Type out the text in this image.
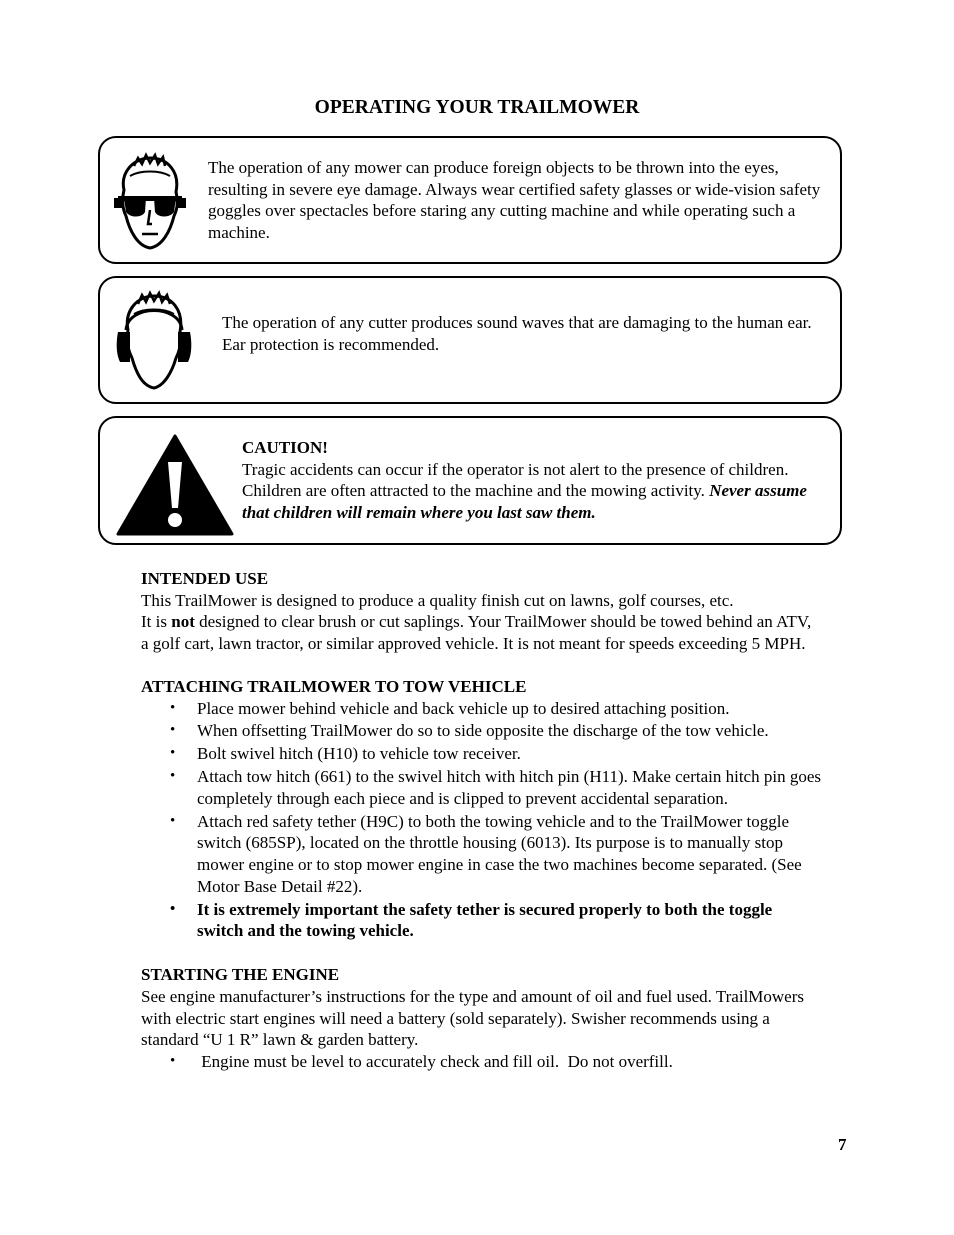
OPERATING YOUR TRAILMOWER
The operation of any mower can produce foreign objects to be thrown into the eyes, resulting in severe eye damage. Always wear certified safety glasses or wide-vision safety goggles over spectacles before staring any cutting machine and while operating such a machine.
The operation of any cutter produces sound waves that are damaging to the human ear. Ear protection is recommended.
CAUTION!
Tragic accidents can occur if the operator is not alert to the presence of children. Children are often attracted to the machine and the mowing activity. Never assume that children will remain where you last saw them.
INTENDED USE

This TrailMower is designed to produce a quality finish cut on lawns, golf courses, etc.

It is not designed to clear brush or cut saplings. Your TrailMower should be towed behind an ATV, a golf cart, lawn tractor, or similar approved vehicle. It is not meant for speeds exceeding 5 MPH.

ATTACHING TRAILMOWER TO TOW VEHICLE
• Place mower behind vehicle and back vehicle up to desired attaching position.
• When offsetting TrailMower do so to side opposite the discharge of the tow vehicle.
• Bolt swivel hitch (H10) to vehicle tow receiver.
• Attach tow hitch (661) to the swivel hitch with hitch pin (H11). Make certain hitch pin goes completely through each piece and is clipped to prevent accidental separation.
• Attach red safety tether (H9C) to both the towing vehicle and to the TrailMower toggle switch (685SP), located on the throttle housing (6013). Its purpose is to manually stop mower engine or to stop mower engine in case the two machines become separated. (See Motor Base Detail #22).
• It is extremely important the safety tether is secured properly to both the toggle switch and the towing vehicle.
STARTING THE ENGINE

See engine manufacturer’s instructions for the type and amount of oil and fuel used. TrailMowers with electric start engines will need a battery (sold separately). Swisher recommends using a standard “U 1 R” lawn & garden battery.

• Engine must be level to accurately check and fill oil.  Do not overfill.
7
